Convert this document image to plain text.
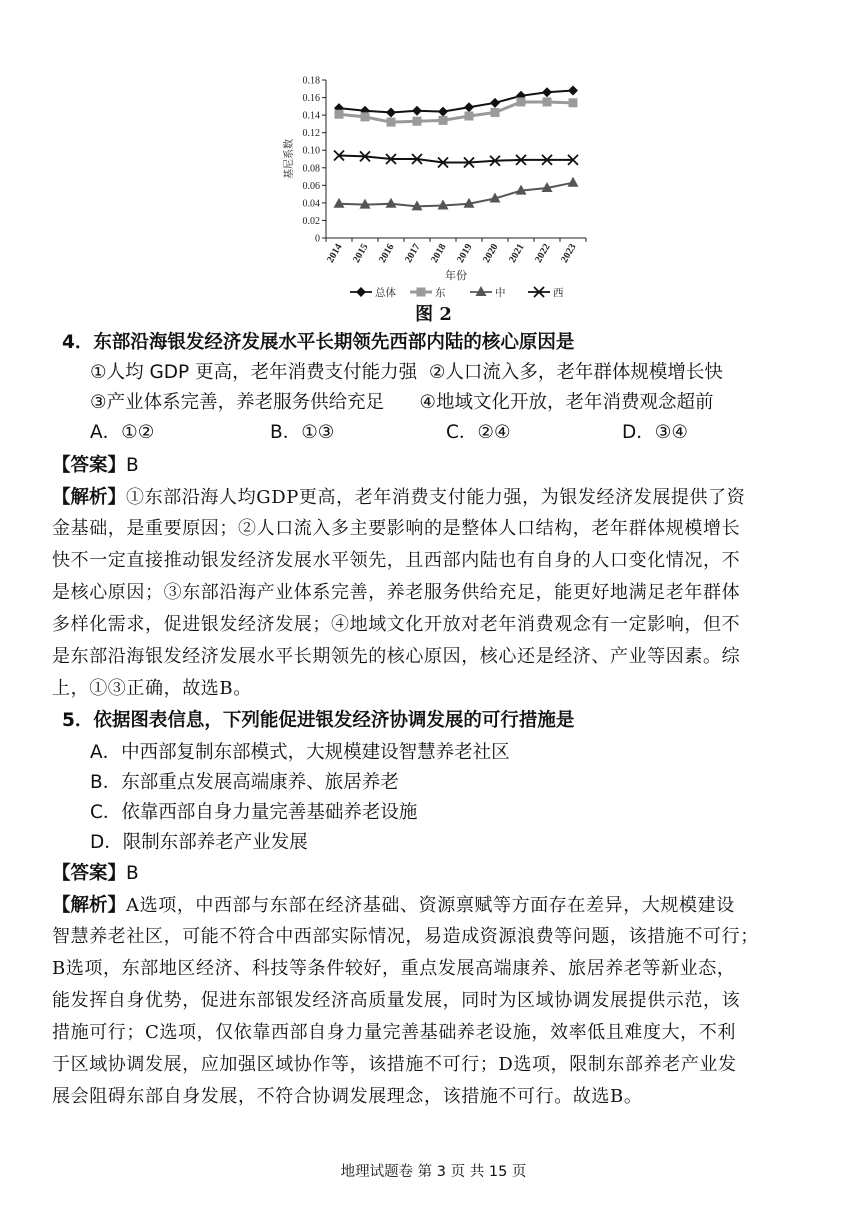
0
0.02
0.04
0.06
0.08
0.10
0.12
0.14
0.16
0.18
2014 2015 2016 2017 2018 2019 2020 2021 2022 2023
年份
基尼系数
总体	东	中	西
图 2
4．东部沿海银发经济发展水平长期领先西部内陆的核心原因是
①人均 GDP 更高，老年消费支付能力强  ②人口流入多，老年群体规模增长快
③产业体系完善，养老服务供给充足      ④地域文化开放，老年消费观念超前
A．①②	B．①③	C．②④	D．③④
【答案】B
【解析】①东部沿海人均GDP更高，老年消费支付能力强，为银发经济发展提供了资
金基础，是重要原因；②人口流入多主要影响的是整体人口结构，老年群体规模增长
快不一定直接推动银发经济发展水平领先，且西部内陆也有自身的人口变化情况，不
是核心原因；③东部沿海产业体系完善，养老服务供给充足，能更好地满足老年群体
多样化需求，促进银发经济发展；④地域文化开放对老年消费观念有一定影响，但不
是东部沿海银发经济发展水平长期领先的核心原因，核心还是经济、产业等因素。综
上，①③正确，故选B。
5．依据图表信息，下列能促进银发经济协调发展的可行措施是
A．中西部复制东部模式，大规模建设智慧养老社区
B．东部重点发展高端康养、旅居养老
C．依靠西部自身力量完善基础养老设施
D．限制东部养老产业发展
【答案】B
【解析】A选项，中西部与东部在经济基础、资源禀赋等方面存在差异，大规模建设
智慧养老社区，可能不符合中西部实际情况，易造成资源浪费等问题，该措施不可行；
B选项，东部地区经济、科技等条件较好，重点发展高端康养、旅居养老等新业态，
能发挥自身优势，促进东部银发经济高质量发展，同时为区域协调发展提供示范，该
措施可行；C选项，仅依靠西部自身力量完善基础养老设施，效率低且难度大，不利
于区域协调发展，应加强区域协作等，该措施不可行；D选项，限制东部养老产业发
展会阻碍东部自身发展，不符合协调发展理念，该措施不可行。故选B。
地理试题卷 第 3 页 共 15 页
